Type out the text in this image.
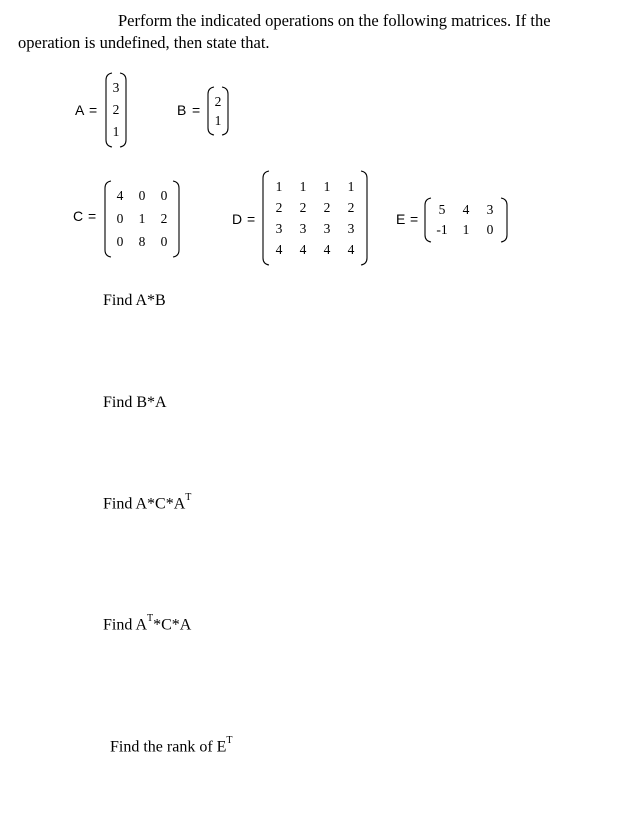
Perform the indicated operations on the following matrices. If the
operation is undefined, then state that.
A =
3
2
1
B =
2
1
C =
4	0	0
0	1	2
0	8	0
D =
1	1	1	1
2	2	2	2
3	3	3	3
4	4	4	4
E =
5	4	3
-1	1	0
Find A*B
Find B*A
Find $A*C*A^T$
Find $A^T*C*A$
Find the rank of $E^T$
